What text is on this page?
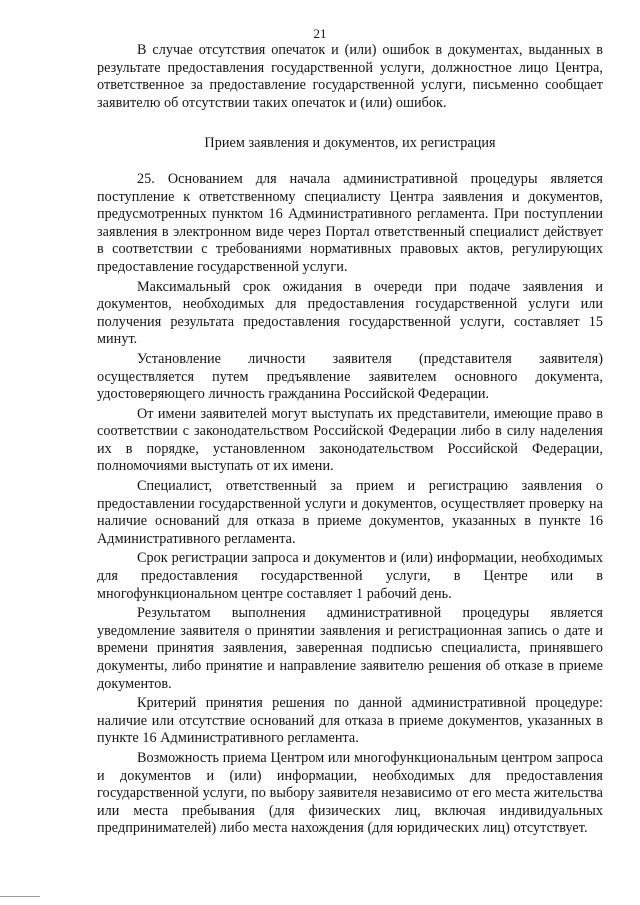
21

В случае отсутствия опечаток и (или) ошибок в документах, выданных в результате предоставления государственной услуги, должностное лицо Центра, ответственное за предоставление государственной услуги, письменно сообщает заявителю об отсутствии таких опечаток и (или) ошибок.

Прием заявления и документов, их регистрация

25. Основанием для начала административной процедуры является поступление к ответственному специалисту Центра заявления и документов, предусмотренных пунктом 16 Административного регламента. При поступлении заявления в электронном виде через Портал ответственный специалист действует в соответствии с требованиями нормативных правовых актов, регулирующих предоставление государственной услуги.

Максимальный срок ожидания в очереди при подаче заявления и документов, необходимых для предоставления государственной услуги или получения результата предоставления государственной услуги, составляет 15 минут.

Установление личности заявителя (представителя заявителя) осуществляется путем предъявление заявителем основного документа, удостоверяющего личность гражданина Российской Федерации.

От имени заявителей могут выступать их представители, имеющие право в соответствии с законодательством Российской Федерации либо в силу наделения их в порядке, установленном законодательством Российской Федерации, полномочиями выступать от их имени.

Специалист, ответственный за прием и регистрацию заявления о предоставлении государственной услуги и документов, осуществляет проверку на наличие оснований для отказа в приеме документов, указанных в пункте 16 Административного регламента.

Срок регистрации запроса и документов и (или) информации, необходимых для предоставления государственной услуги, в Центре или в многофункциональном центре составляет 1 рабочий день.

Результатом выполнения административной процедуры является уведомление заявителя о принятии заявления и регистрационная запись о дате и времени принятия заявления, заверенная подписью специалиста, принявшего документы, либо принятие и направление заявителю решения об отказе в приеме документов.

Критерий принятия решения по данной административной процедуре: наличие или отсутствие оснований для отказа в приеме документов, указанных в пункте 16 Административного регламента.

Возможность приема Центром или многофункциональным центром запроса и документов и (или) информации, необходимых для предоставления государственной услуги, по выбору заявителя независимо от его места жительства или места пребывания (для физических лиц, включая индивидуальных предпринимателей) либо места нахождения (для юридических лиц) отсутствует.
